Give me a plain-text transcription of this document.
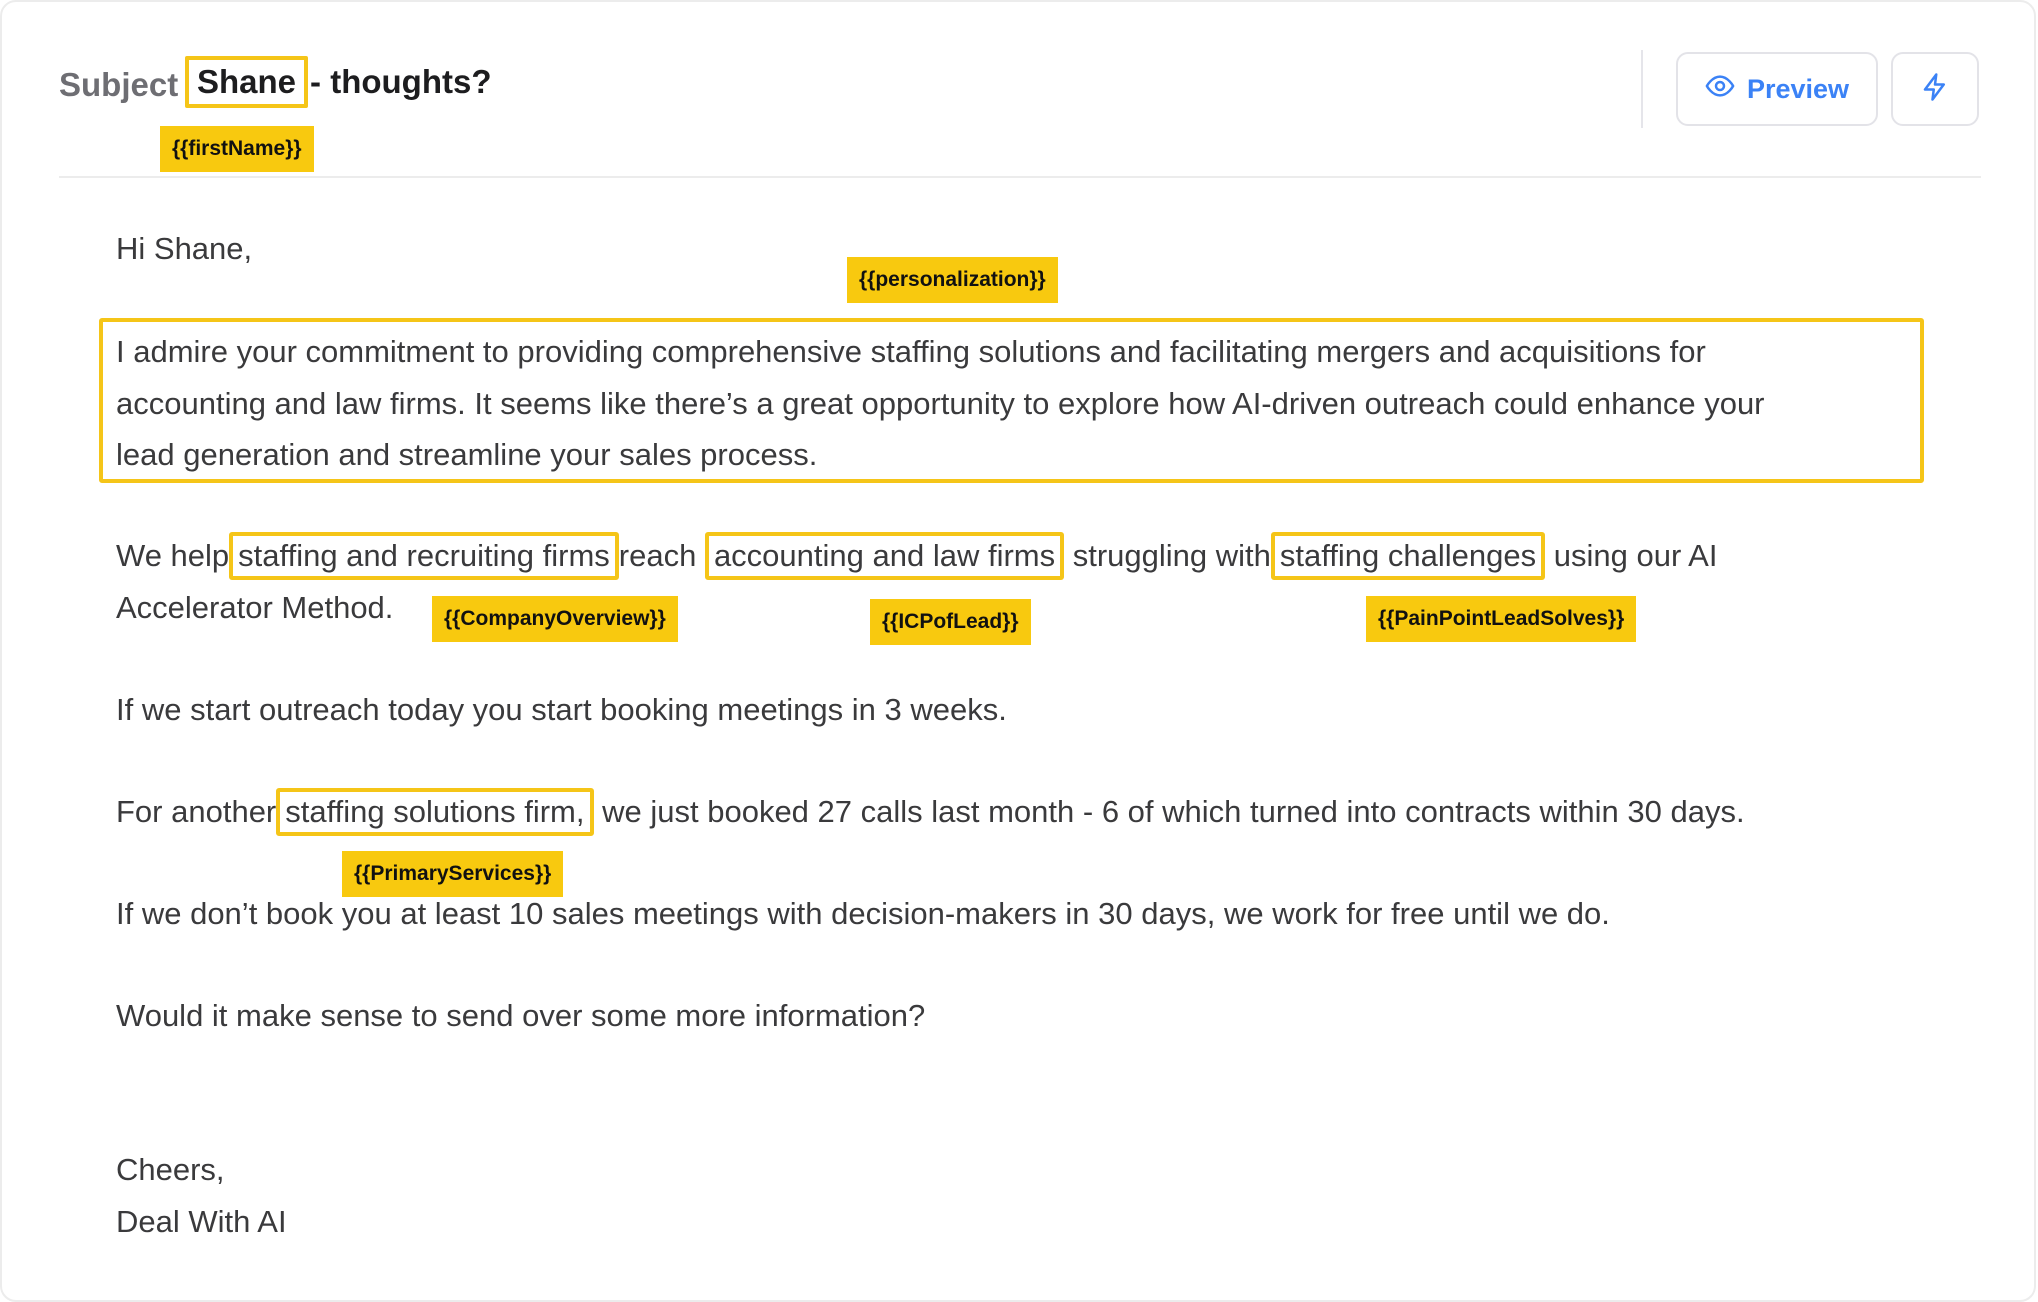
Subject Shane - thoughts?	Preview
{{firstName}}
Hi Shane,
{{personalization}}
I admire your commitment to providing comprehensive staffing solutions and facilitating mergers and acquisitions for
accounting and law firms. It seems like there’s a great opportunity to explore how AI-driven outreach could enhance your
lead generation and streamline your sales process.
We help staffing and recruiting firms reach accounting and law firms struggling with staffing challenges using our AI
Accelerator Method.	{{CompanyOverview}}	{{ICPofLead}}	{{PainPointLeadSolves}}
If we start outreach today you start booking meetings in 3 weeks.
For another staffing solutions firm, we just booked 27 calls last month - 6 of which turned into contracts within 30 days.
{{PrimaryServices}}
If we don’t book you at least 10 sales meetings with decision-makers in 30 days, we work for free until we do.
Would it make sense to send over some more information?
Cheers,
Deal With AI
